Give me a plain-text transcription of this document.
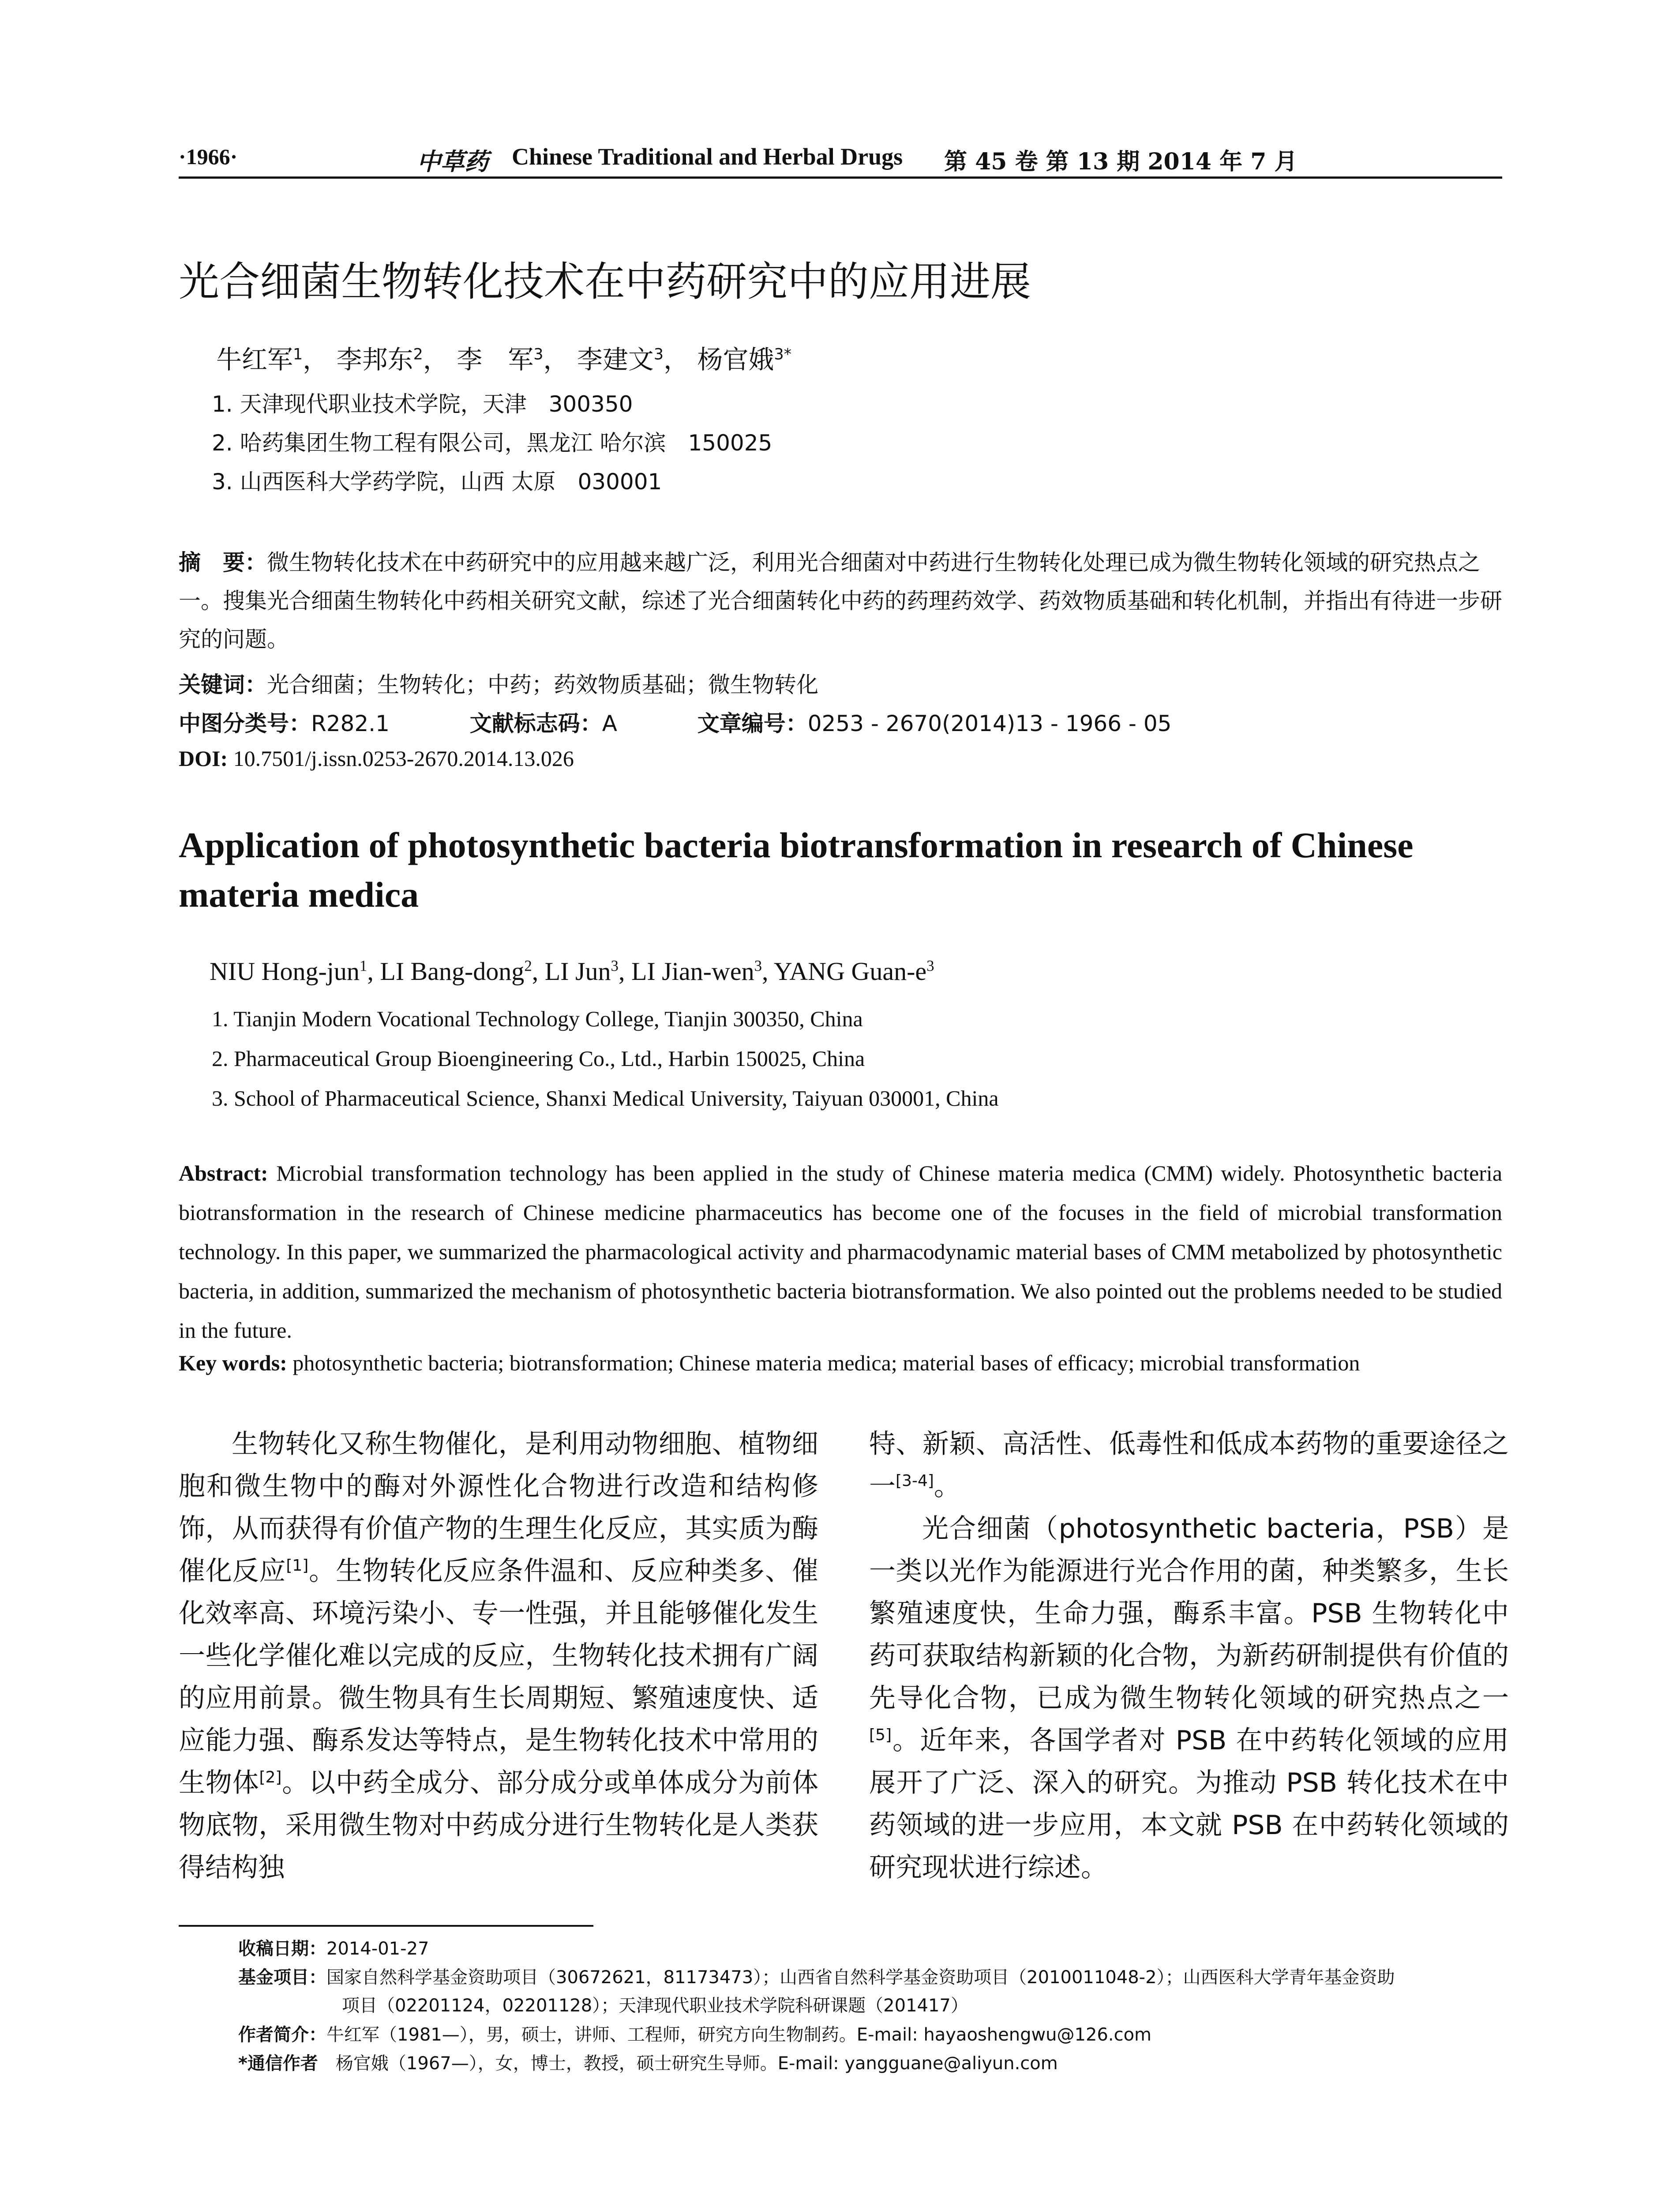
·1966·	中草药 Chinese Traditional and Herbal Drugs 第 45 卷 第 13 期 2014 年 7 月
光合细菌生物转化技术在中药研究中的应用进展
牛红军$^1$， 李邦东$^2$， 李　军$^3$， 李建文$^3$， 杨官娥$^{3*}$
1. 天津现代职业技术学院，天津　300350
2. 哈药集团生物工程有限公司，黑龙江 哈尔滨　150025
3. 山西医科大学药学院，山西 太原　030001
摘　要：微生物转化技术在中药研究中的应用越来越广泛，利用光合细菌对中药进行生物转化处理已成为微生物转化领域的研究热点之一。搜集光合细菌生物转化中药相关研究文献，综述了光合细菌转化中药的药理药效学、药效物质基础和转化机制，并指出有待进一步研究的问题。
关键词：光合细菌；生物转化；中药；药效物质基础；微生物转化
中图分类号：R282.1	文献标志码：A	文章编号：0253 - 2670(2014)13 - 1966 - 05
DOI: 10.7501/j.issn.0253-2670.2014.13.026
Application of photosynthetic bacteria biotransformation in research of Chinese materia medica
NIU Hong-jun$^1$, LI Bang-dong$^2$, LI Jun$^3$, LI Jian-wen$^3$, YANG Guan-$e^3$
1. Tianjin Modern Vocational Technology College, Tianjin 300350, China
2. Pharmaceutical Group Bioengineering Co., Ltd., Harbin 150025, China
3. School of Pharmaceutical Science, Shanxi Medical University, Taiyuan 030001, China
Abstract: Microbial transformation technology has been applied in the study of Chinese materia medica (CMM) widely. Photosynthetic bacteria biotransformation in the research of Chinese medicine pharmaceutics has become one of the focuses in the field of microbial transformation technology. In this paper, we summarized the pharmacological activity and pharmacodynamic material bases of CMM metabolized by photosynthetic bacteria, in addition, summarized the mechanism of photosynthetic bacteria biotransformation. We also pointed out the problems needed to be studied in the future.
Key words: photosynthetic bacteria; biotransformation; Chinese materia medica; material bases of efficacy; microbial transformation

生物转化又称生物催化，是利用动物细胞、植物细胞和微生物中的酶对外源性化合物进行改造和结构修饰，从而获得有价值产物的生理生化反应，其实质为酶催化反应[1]。生物转化反应条件温和、反应种类多、催化效率高、环境污染小、专一性强，并且能够催化发生一些化学催化难以完成的反应，生物转化技术拥有广阔的应用前景。微生物具有生长周期短、繁殖速度快、适应能力强、酶系发达等特点，是生物转化技术中常用的生物体[2]。以中药全成分、部分成分或单体成分为前体物底物，采用微生物对中药成分进行生物转化是人类获得结构独

特、新颖、高活性、低毒性和低成本药物的重要途径之一[3-4]。

光合细菌（photosynthetic bacteria，PSB）是一类以光作为能源进行光合作用的菌，种类繁多，生长繁殖速度快，生命力强，酶系丰富。PSB 生物转化中药可获取结构新颖的化合物，为新药研制提供有价值的先导化合物，已成为微生物转化领域的研究热点之一[5]。近年来，各国学者对 PSB 在中药转化领域的应用展开了广泛、深入的研究。为推动 PSB 转化技术在中药领域的进一步应用，本文就 PSB 在中药转化领域的研究现状进行综述。

收稿日期：2014-01-27
基金项目：国家自然科学基金资助项目（30672621，81173473）；山西省自然科学基金资助项目（2010011048-2）；山西医科大学青年基金资助
项目（02201124，02201128）；天津现代职业技术学院科研课题（201417）
作者简介：牛红军（1981—），男，硕士，讲师、工程师，研究方向生物制药。E-mail: hayaoshengwu@126.com
*通信作者　 杨官娥（1967—），女，博士，教授，硕士研究生导师。E-mail: yangguane@aliyun.com
